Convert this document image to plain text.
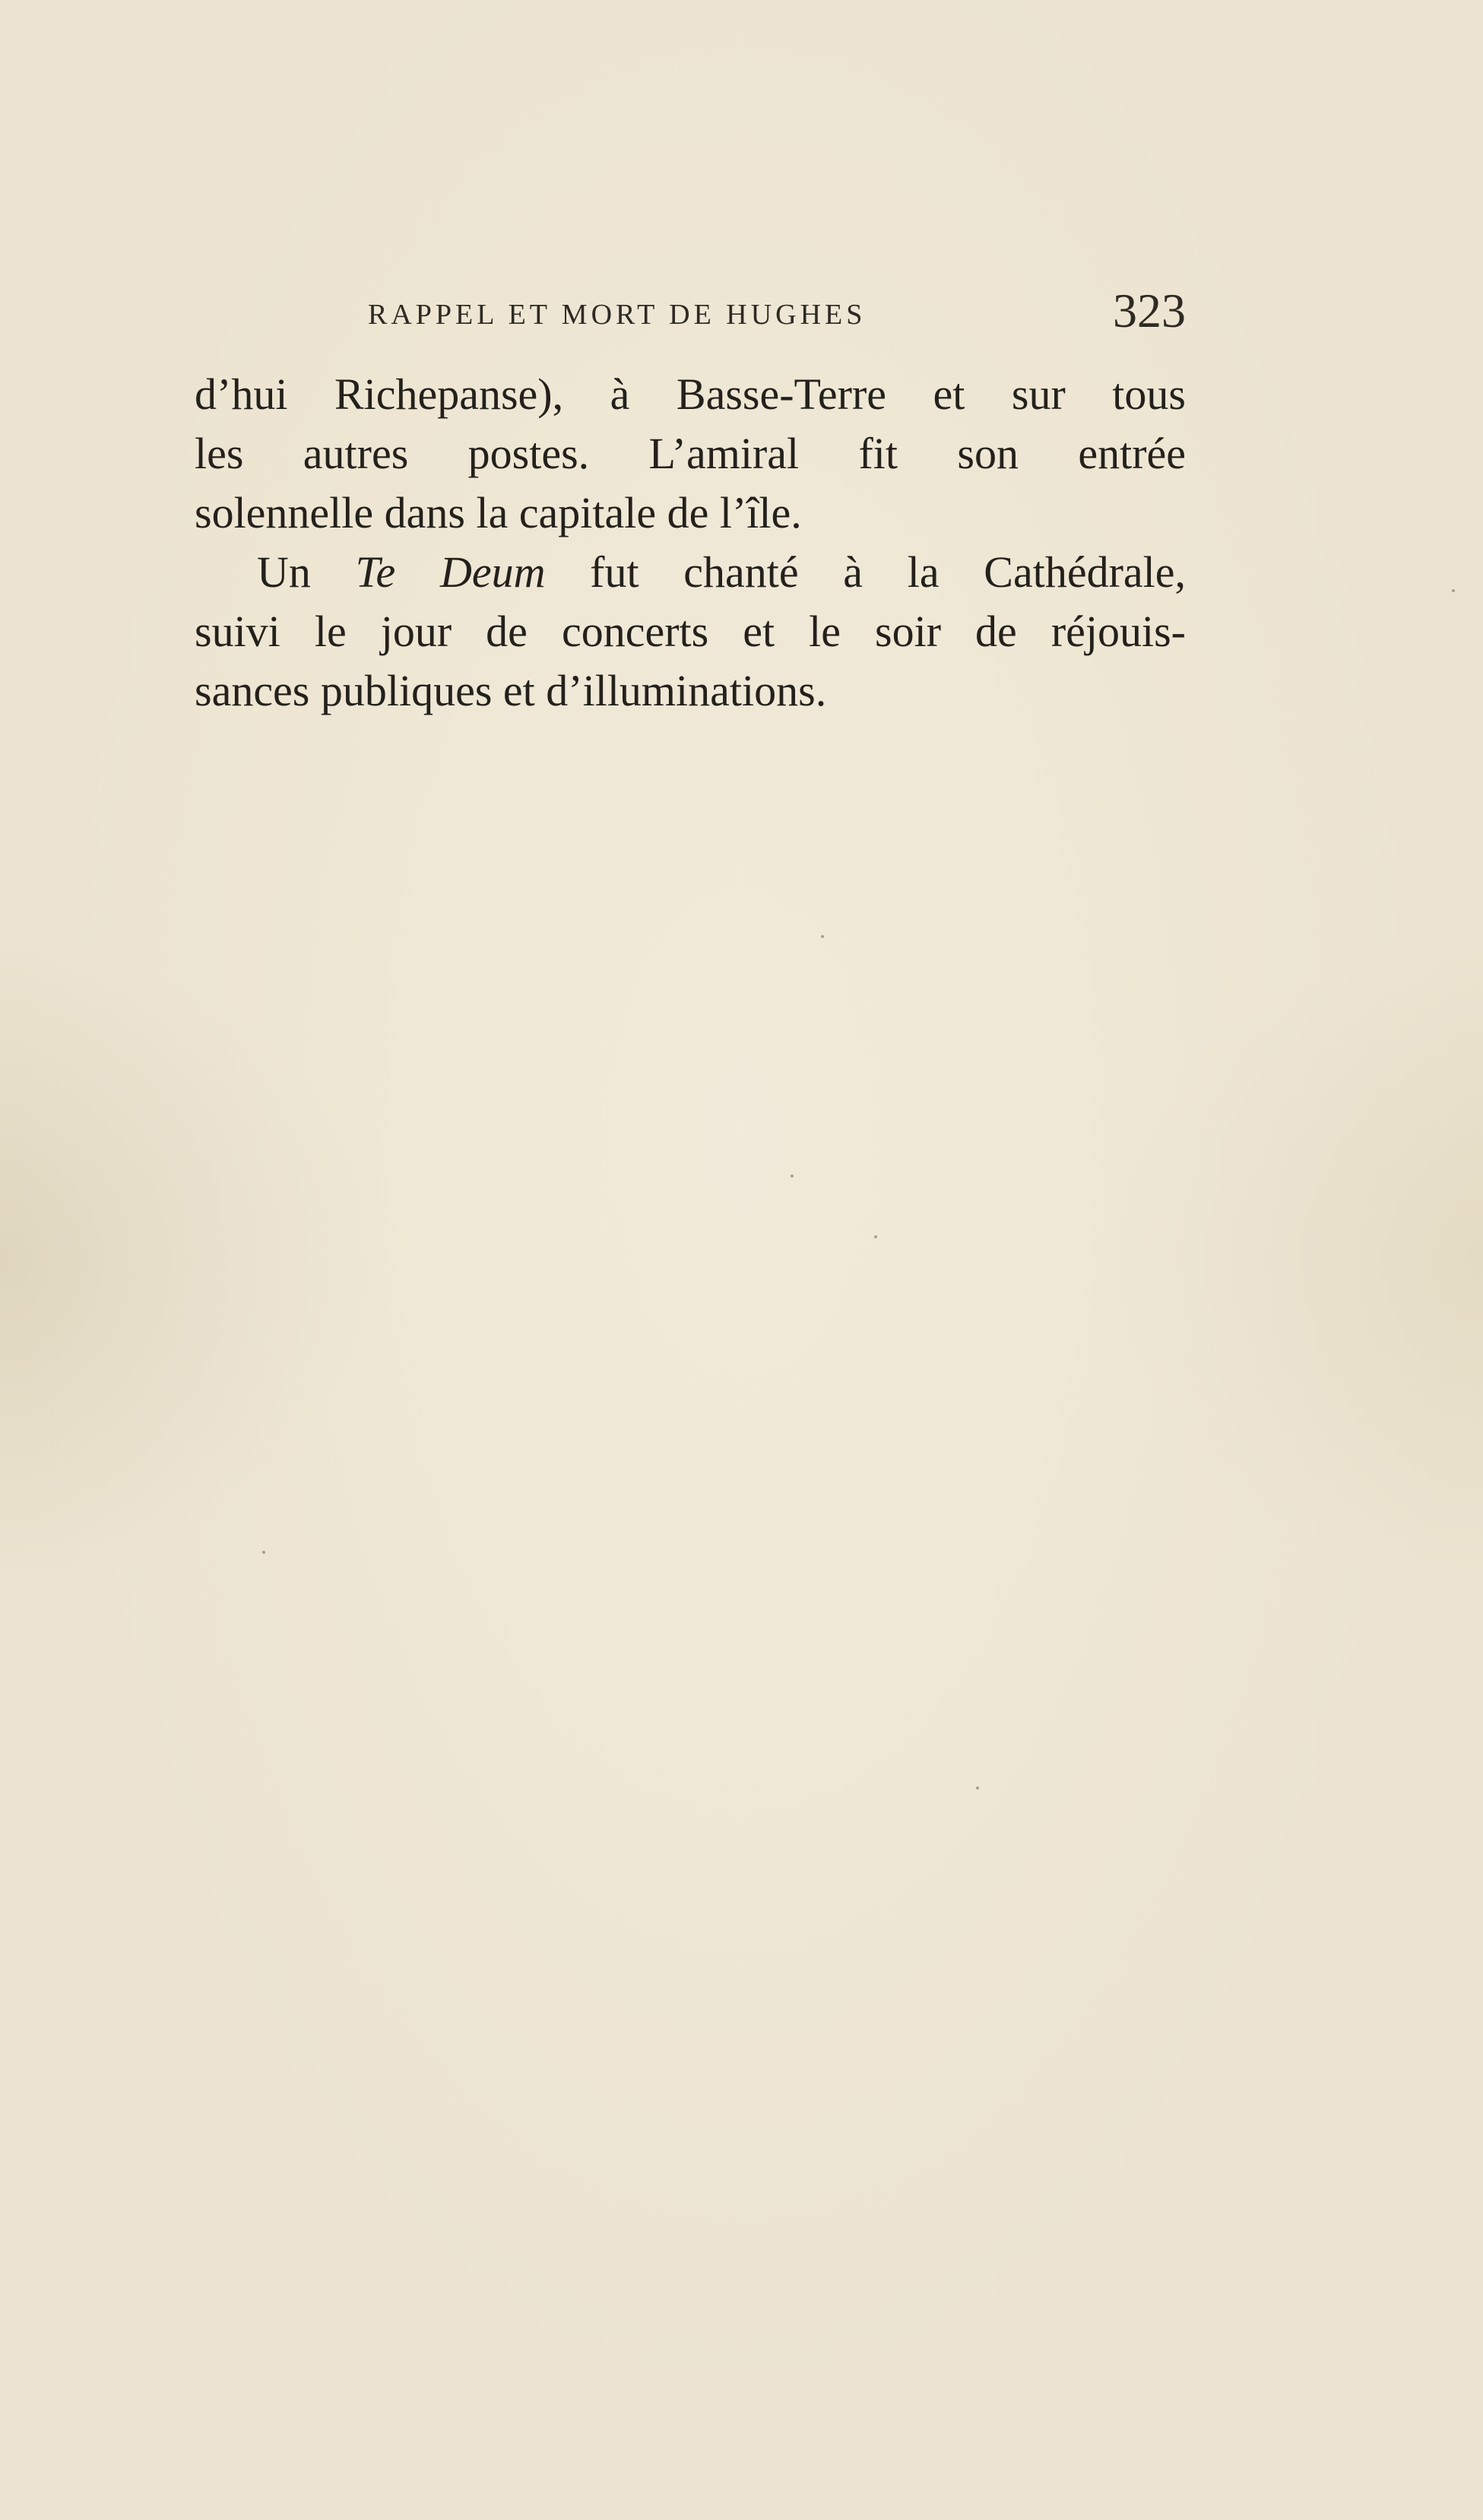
RAPPEL ET MORT DE HUGHES	323
d’hui Richepanse), à Basse-Terre et sur tous
les autres postes. L’amiral fit son entrée
solennelle dans la capitale de l’île.
Un Te Deum fut chanté à la Cathédrale,
suivi le jour de concerts et le soir de réjouis-
sances publiques et d’illuminations.
